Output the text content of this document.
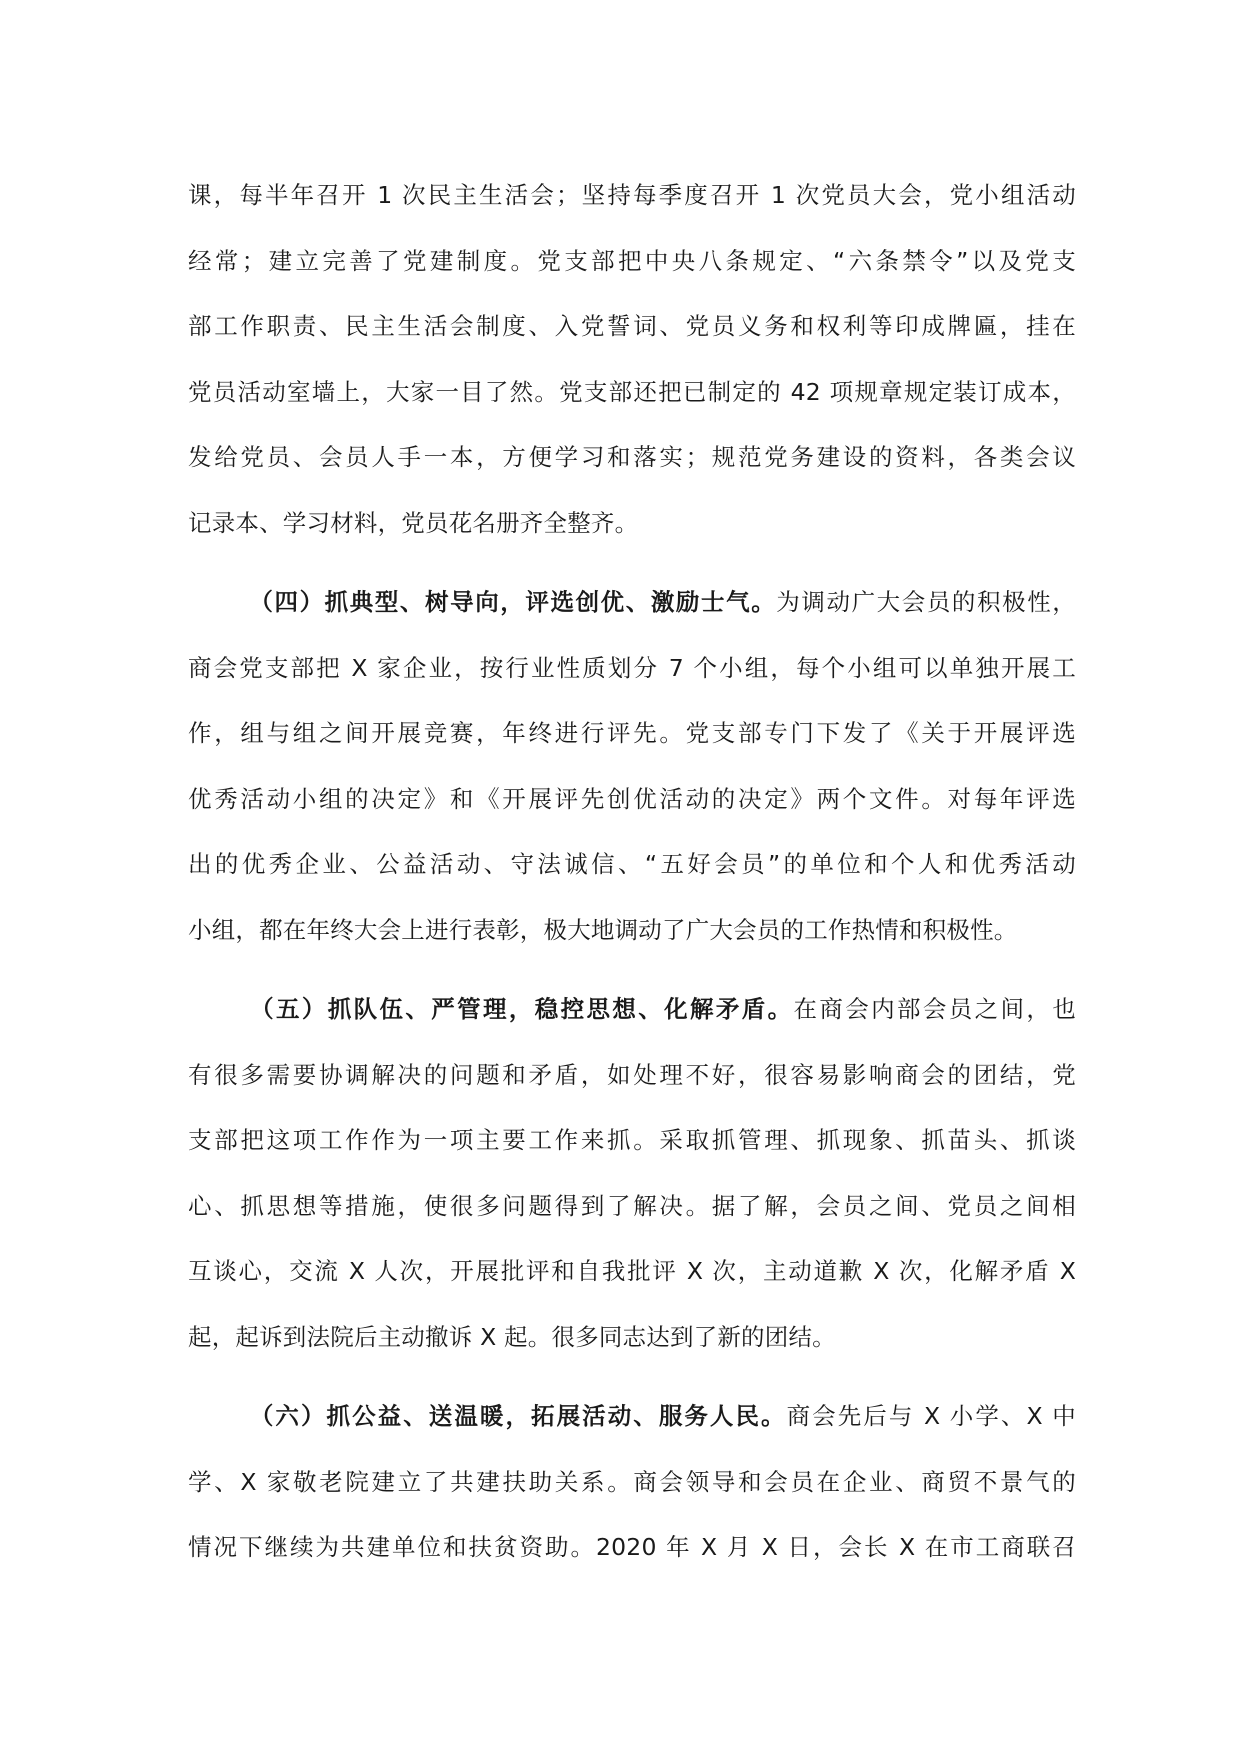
课，每半年召开 1 次民主生活会；坚持每季度召开 1 次党员大会，党小组活动
经常；建立完善了党建制度。党支部把中央八条规定、“六条禁令”以及党支
部工作职责、民主生活会制度、入党誓词、党员义务和权利等印成牌匾，挂在
党员活动室墙上，大家一目了然。党支部还把已制定的 42 项规章规定装订成本，
发给党员、会员人手一本，方便学习和落实；规范党务建设的资料，各类会议
记录本、学习材料，党员花名册齐全整齐。
（四）抓典型、树导向，评选创优、激励士气。为调动广大会员的积极性，
商会党支部把 X 家企业，按行业性质划分 7 个小组，每个小组可以单独开展工
作，组与组之间开展竞赛，年终进行评先。党支部专门下发了《关于开展评选
优秀活动小组的决定》和《开展评先创优活动的决定》两个文件。对每年评选
出的优秀企业、公益活动、守法诚信、“五好会员”的单位和个人和优秀活动
小组，都在年终大会上进行表彰，极大地调动了广大会员的工作热情和积极性。
（五）抓队伍、严管理，稳控思想、化解矛盾。在商会内部会员之间，也
有很多需要协调解决的问题和矛盾，如处理不好，很容易影响商会的团结，党
支部把这项工作作为一项主要工作来抓。采取抓管理、抓现象、抓苗头、抓谈
心、抓思想等措施，使很多问题得到了解决。据了解，会员之间、党员之间相
互谈心，交流 X 人次，开展批评和自我批评 X 次，主动道歉 X 次，化解矛盾 X
起，起诉到法院后主动撤诉 X 起。很多同志达到了新的团结。
（六）抓公益、送温暖，拓展活动、服务人民。商会先后与 X 小学、X 中
学、X 家敬老院建立了共建扶助关系。商会领导和会员在企业、商贸不景气的
情况下继续为共建单位和扶贫资助。2020 年 X 月 X 日，会长 X 在市工商联召
